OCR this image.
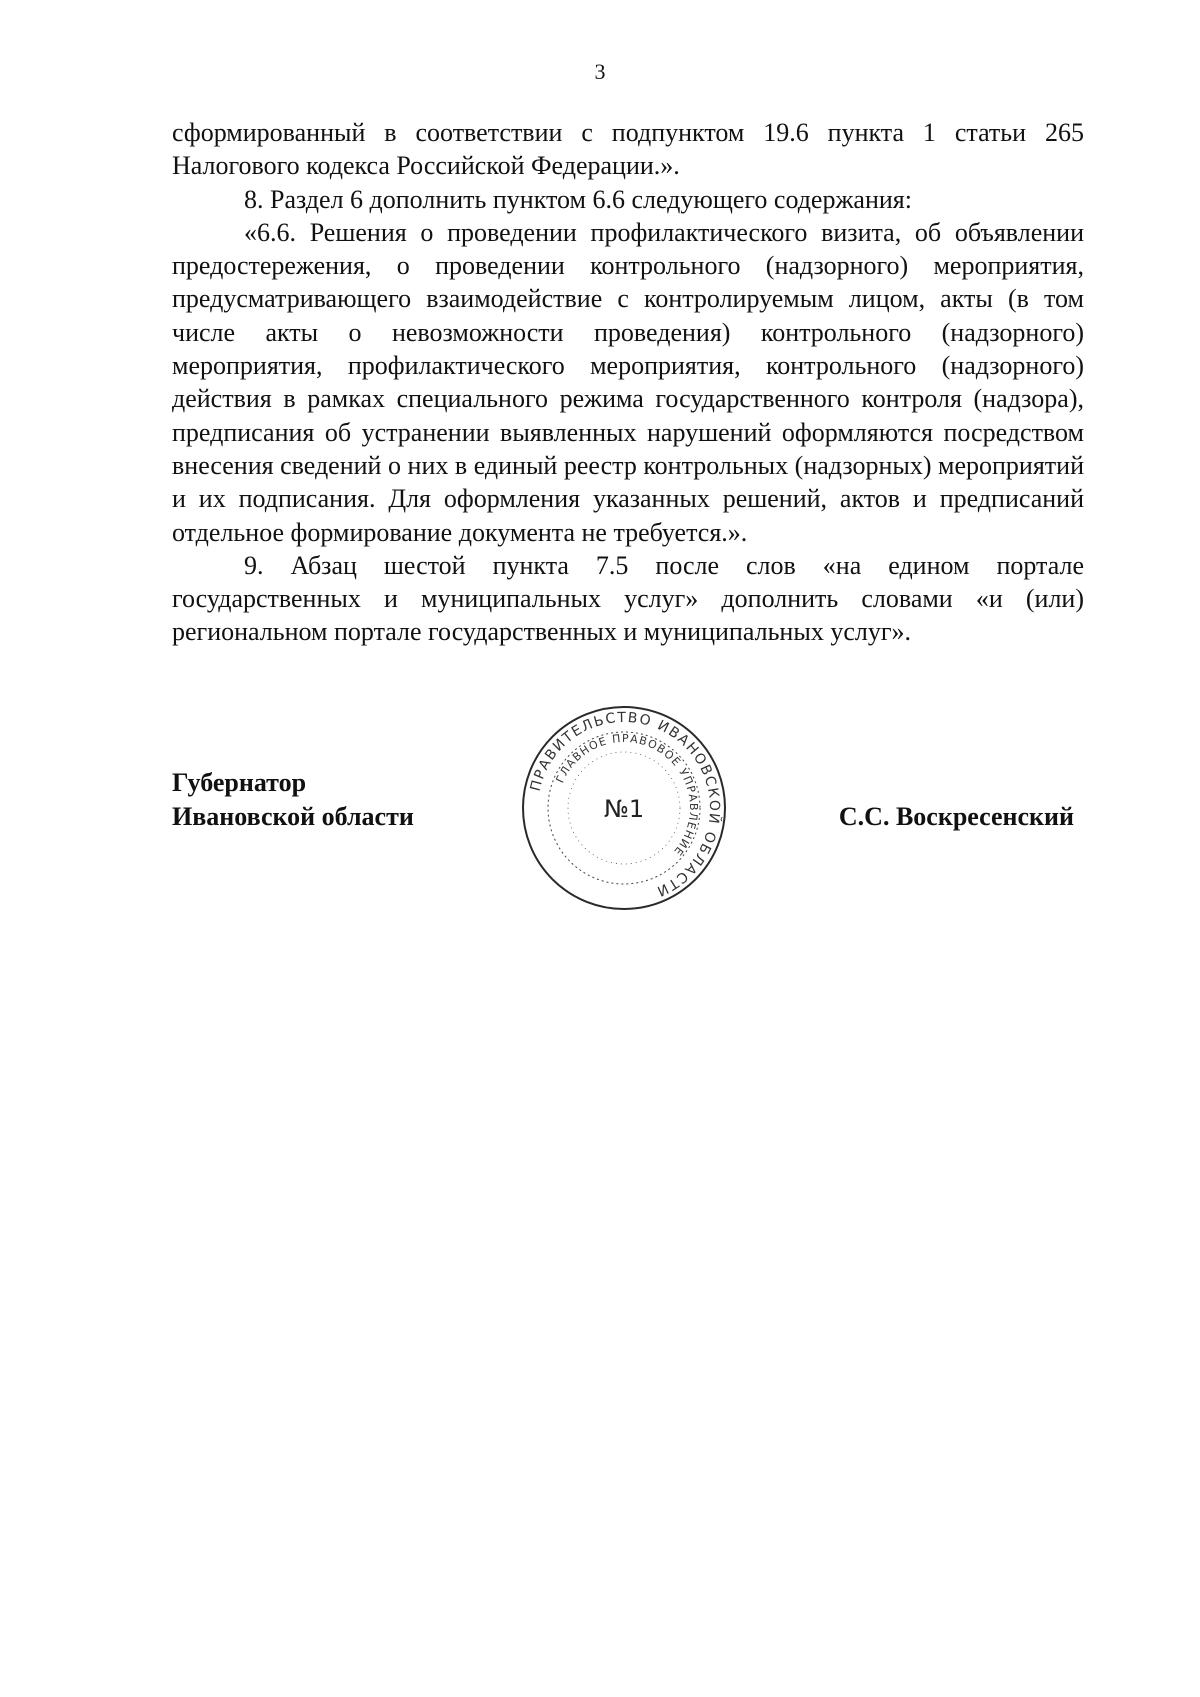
3

сформированный в соответствии с подпунктом 19.6 пункта 1 статьи 265 Налогового кодекса Российской Федерации.».

8. Раздел 6 дополнить пунктом 6.6 следующего содержания:

«6.6. Решения о проведении профилактического визита, об объявлении предостережения, о проведении контрольного (надзорного) мероприятия, предусматривающего взаимодействие с контролируемым лицом, акты (в том числе акты о невозможности проведения) контрольного (надзорного) мероприятия, профилактического мероприятия, контрольного (надзорного) действия в рамках специального режима государственного контроля (надзора), предписания об устранении выявленных нарушений оформляются посредством внесения сведений о них в единый реестр контрольных (надзорных) мероприятий и их подписания. Для оформления указанных решений, актов и предписаний отдельное формирование документа не требуется.».

9. Абзац шестой пункта 7.5 после слов «на едином портале государственных и муниципальных услуг» дополнить словами «и (или) региональном портале государственных и муниципальных услуг».

Губернатор
Ивановской области
ПРАВИТЕЛЬСТВО ИВАНОВСКОЙ ОБЛАСТИ
ГЛАВНОЕ ПРАВОВОЕ УПРАВЛЕНИЕ
№1	С.С. Воскресенский
